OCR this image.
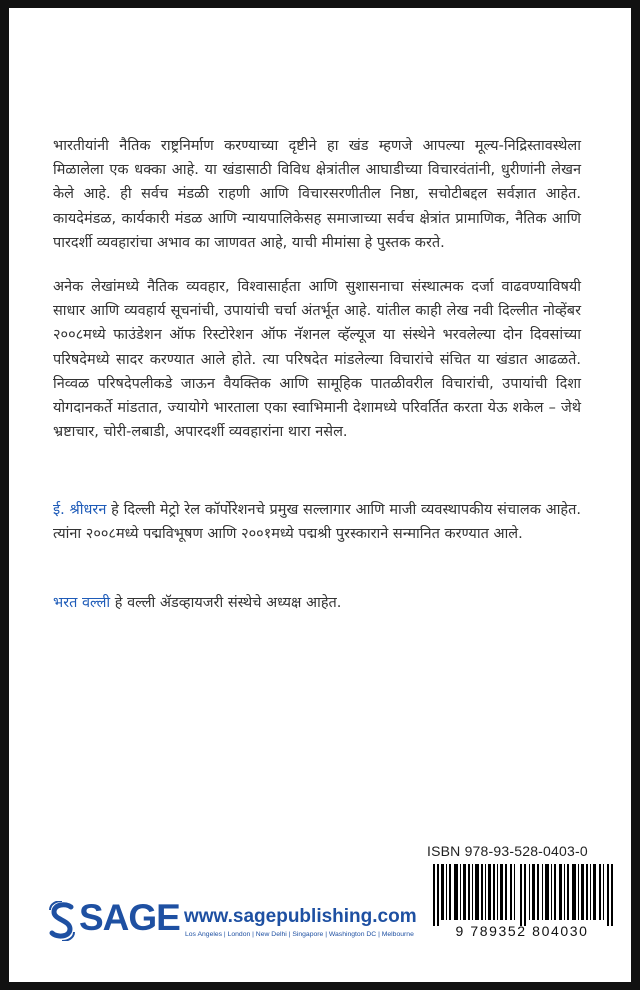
भारतीयांनी नैतिक राष्ट्रनिर्माण करण्याच्या दृष्टीने हा खंड म्हणजे आपल्या मूल्य-निद्रिस्तावस्थेला मिळालेला एक धक्का आहे. या खंडासाठी विविध क्षेत्रांतील आघाडीच्या विचारवंतांनी, धुरीणांनी लेखन केले आहे. ही सर्वच मंडळी राहणी आणि विचारसरणीतील निष्ठा, सचोटीबद्दल सर्वज्ञात आहेत. कायदेमंडळ, कार्यकारी मंडळ आणि न्यायपालिकेसह समाजाच्या सर्वच क्षेत्रांत प्रामाणिक, नैतिक आणि पारदर्शी व्यवहारांचा अभाव का जाणवत आहे, याची मीमांसा हे पुस्तक करते.

अनेक लेखांमध्ये नैतिक व्यवहार, विश्वासार्हता आणि सुशासनाचा संस्थात्मक दर्जा वाढवण्याविषयी साधार आणि व्यवहार्य सूचनांची, उपायांची चर्चा अंतर्भूत आहे. यांतील काही लेख नवी दिल्लीत नोव्हेंबर २००८मध्ये फाउंडेशन ऑफ रिस्टोरेशन ऑफ नॅशनल व्हॅल्यूज या संस्थेने भरवलेल्या दोन दिवसांच्या परिषदेमध्ये सादर करण्यात आले होते. त्या परिषदेत मांडलेल्या विचारांचे संचित या खंडात आढळते. निव्वळ परिषदेपलीकडे जाऊन वैयक्तिक आणि सामूहिक पातळीवरील विचारांची, उपायांची दिशा योगदानकर्ते मांडतात, ज्यायोगे भारताला एका स्वाभिमानी देशामध्ये परिवर्तित करता येऊ शकेल – जेथे भ्रष्टाचार, चोरी-लबाडी, अपारदर्शी व्यवहारांना थारा नसेल.

ई. श्रीधरन हे दिल्ली मेट्रो रेल कॉर्पोरेशनचे प्रमुख सल्लागार आणि माजी व्यवस्थापकीय संचालक आहेत. त्यांना २००८मध्ये पद्मविभूषण आणि २००१मध्ये पद्मश्री पुरस्काराने सन्मानित करण्यात आले.

भरत वल्ली हे वल्ली ॲडव्हायजरी संस्थेचे अध्यक्ष आहेत.

ISBN 978-93-528-0403-0
9 789352 804030
SAGE www.sagepublishing.com
Los Angeles | London | New Delhi | Singapore | Washington DC | Melbourne
